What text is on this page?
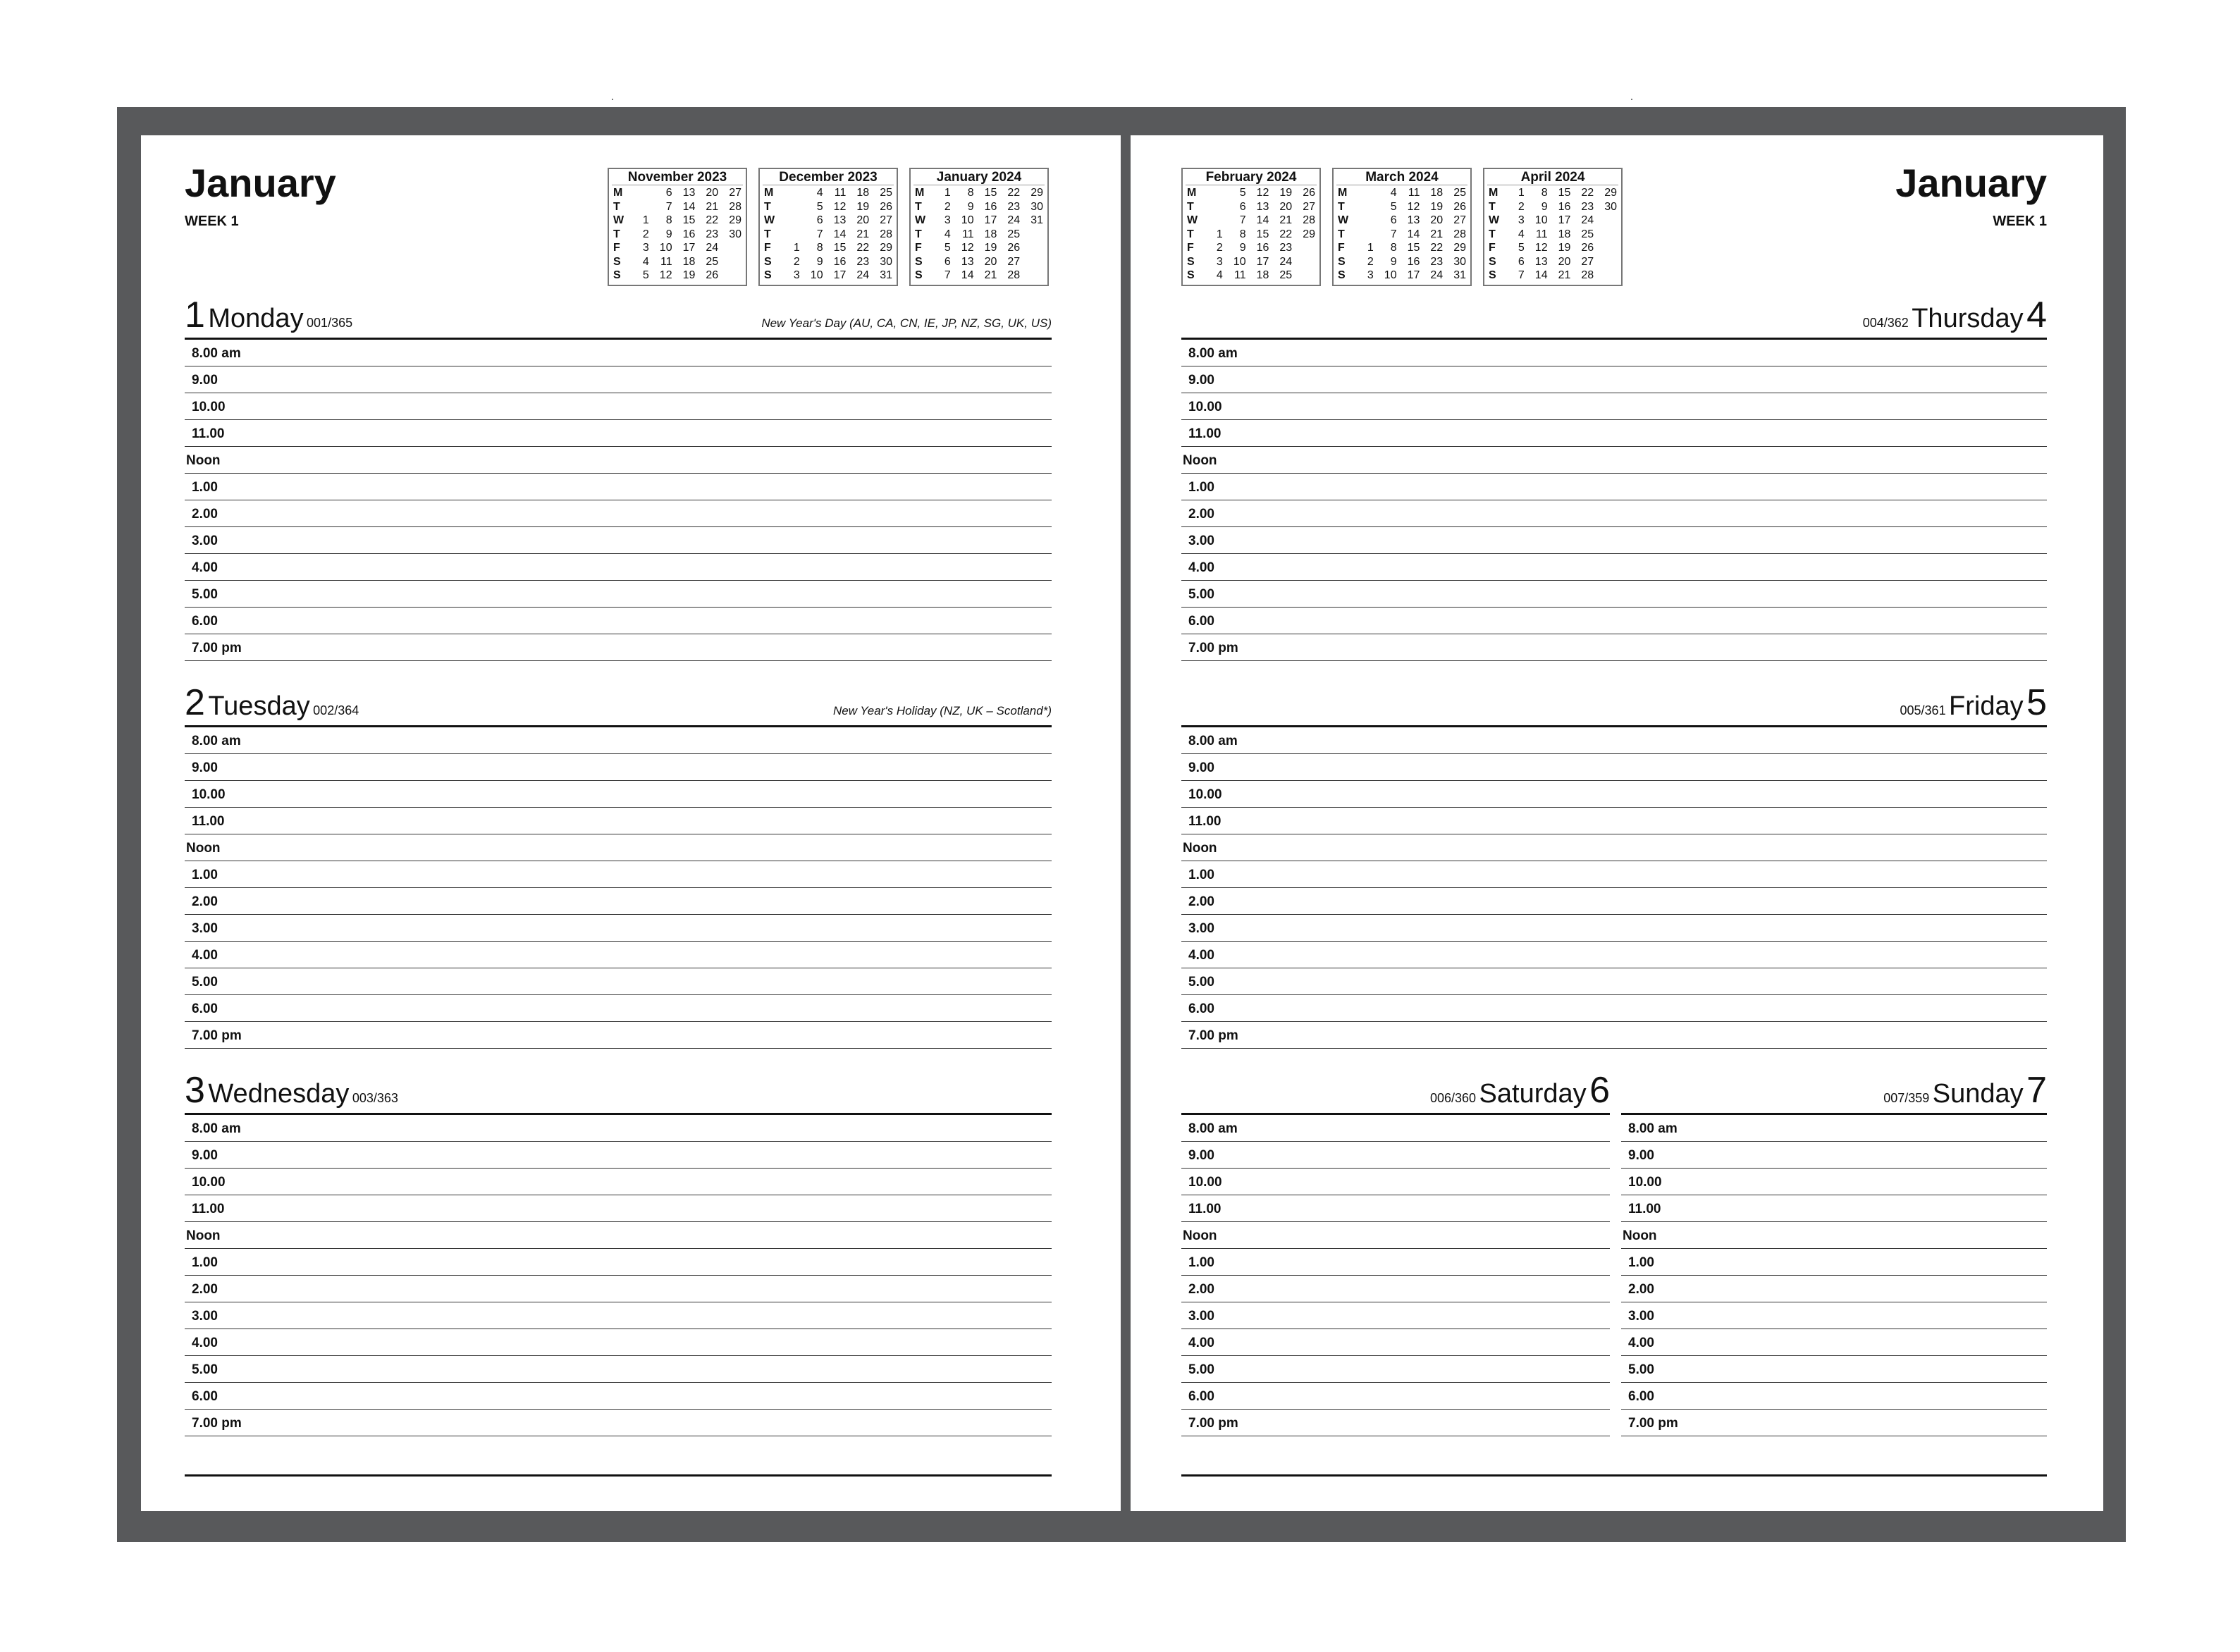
January
WEEK 1
November 2023
M		6	13	20	27
T		7	14	21	28
W	1	8	15	22	29
T	2	9	16	23	30
F	3	10	17	24	
S	4	11	18	25	
S	5	12	19	26	
December 2023
M		4	11	18	25
T		5	12	19	26
W		6	13	20	27
T		7	14	21	28
F	1	8	15	22	29
S	2	9	16	23	30
S	3	10	17	24	31
January 2024
M	1	8	15	22	29
T	2	9	16	23	30
W	3	10	17	24	31
T	4	11	18	25	
F	5	12	19	26	
S	6	13	20	27	
S	7	14	21	28	
1 Monday 001/365	New Year's Day (AU, CA, CN, IE, JP, NZ, SG, UK, US)
8.00 am
9.00
10.00
11.00
Noon
1.00
2.00
3.00
4.00
5.00
6.00
7.00 pm
2 Tuesday 002/364	New Year's Holiday (NZ, UK – Scotland*)
8.00 am
9.00
10.00
11.00
Noon
1.00
2.00
3.00
4.00
5.00
6.00
7.00 pm
3 Wednesday 003/363
8.00 am
9.00
10.00
11.00
Noon
1.00
2.00
3.00
4.00
5.00
6.00
7.00 pm
January
WEEK 1
February 2024
M		5	12	19	26
T		6	13	20	27
W		7	14	21	28
T	1	8	15	22	29
F	2	9	16	23	
S	3	10	17	24	
S	4	11	18	25	
March 2024
M		4	11	18	25
T		5	12	19	26
W		6	13	20	27
T		7	14	21	28
F	1	8	15	22	29
S	2	9	16	23	30
S	3	10	17	24	31
April 2024
M	1	8	15	22	29
T	2	9	16	23	30
W	3	10	17	24	
T	4	11	18	25	
F	5	12	19	26	
S	6	13	20	27	
S	7	14	21	28	
004/362 Thursday 4
8.00 am
9.00
10.00
11.00
Noon
1.00
2.00
3.00
4.00
5.00
6.00
7.00 pm
005/361 Friday 5
8.00 am
9.00
10.00
11.00
Noon
1.00
2.00
3.00
4.00
5.00
6.00
7.00 pm
006/360 Saturday 6
8.00 am
9.00
10.00
11.00
Noon
1.00
2.00
3.00
4.00
5.00
6.00
7.00 pm
007/359 Sunday 7
8.00 am
9.00
10.00
11.00
Noon
1.00
2.00
3.00
4.00
5.00
6.00
7.00 pm
